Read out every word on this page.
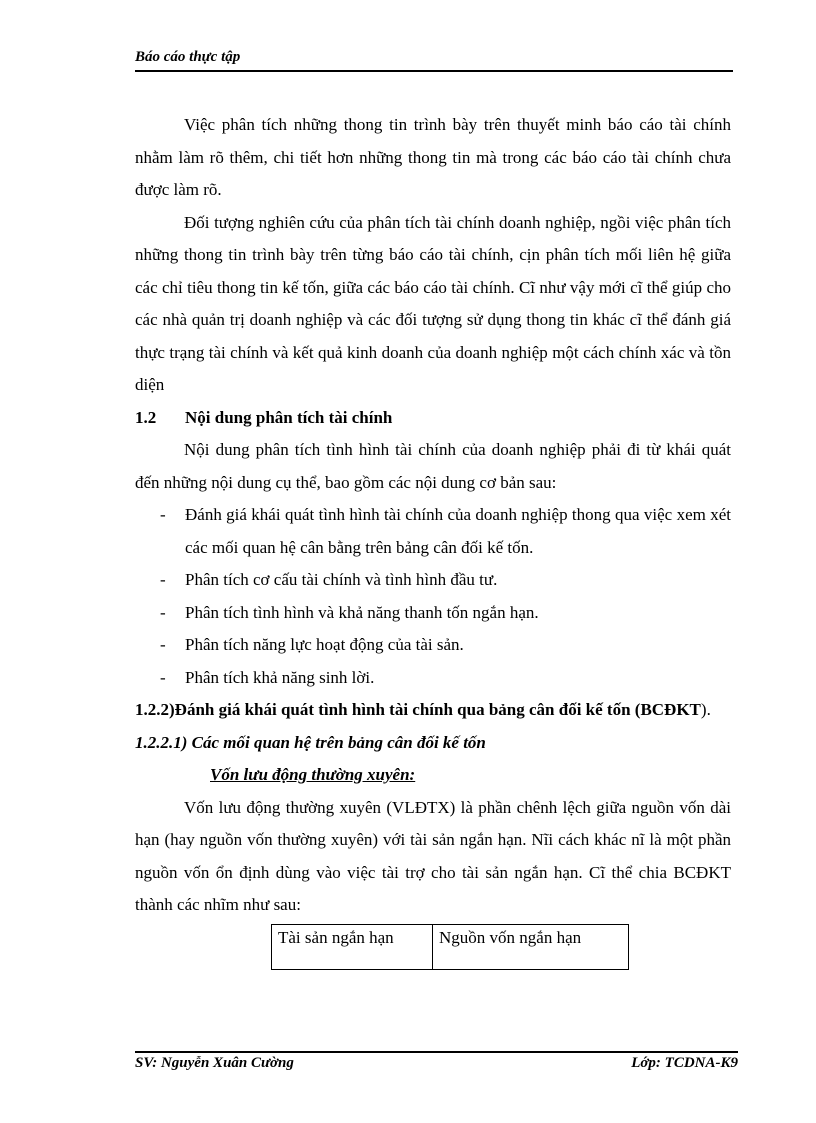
Báo cáo thực tập

Việc phân tích những thong tin trình bày trên thuyết minh báo cáo tài chính nhằm làm rõ thêm, chi tiết hơn những thong tin mà trong các báo cáo tài chính chưa được làm rõ.

Đối tượng nghiên cứu của phân tích tài chính doanh nghiệp, ngồi việc phân tích những thong tin trình bày trên từng báo cáo tài chính, cịn phân tích mối liên hệ giữa các chỉ tiêu thong tin kế tốn, giữa các báo cáo tài chính. Cĩ như vậy mới cĩ thể giúp cho các nhà quản trị doanh nghiệp và các đối tượng sử dụng thong tin khác cĩ thể đánh giá thực trạng tài chính và kết quả kinh doanh của doanh nghiệp một cách chính xác và tồn diện

1.2 Nội dung phân tích tài chính

Nội dung phân tích tình hình tài chính của doanh nghiệp phải đi từ khái quát đến những nội dung cụ thể, bao gồm các nội dung cơ bản sau:

- Đánh giá khái quát tình hình tài chính của doanh nghiệp thong qua việc xem xét các mối quan hệ cân bằng trên bảng cân đối kế tốn.
- Phân tích cơ cấu tài chính và tình hình đầu tư.
- Phân tích tình hình và khả năng thanh tốn ngắn hạn.
- Phân tích năng lực hoạt động của tài sản.
- Phân tích khả năng sinh lời.

1.2.2)Đánh giá khái quát tình hình tài chính qua bảng cân đối kế tốn (BCĐKT).

1.2.2.1) Các mối quan hệ trên bảng cân đối kế tốn

Vốn lưu động thường xuyên:

Vốn lưu động thường xuyên (VLĐTX) là phần chênh lệch giữa nguồn vốn dài hạn (hay nguồn vốn thường xuyên) với tài sản ngắn hạn. Nĩi cách khác nĩ là một phần nguồn vốn ổn định dùng vào việc tài trợ cho tài sản ngắn hạn. Cĩ thể chia BCĐKT thành các nhĩm như sau:

Tài sản ngắn hạn	Nguồn vốn ngắn hạn
SV: Nguyễn Xuân Cường	Lớp: TCDNA-K9
